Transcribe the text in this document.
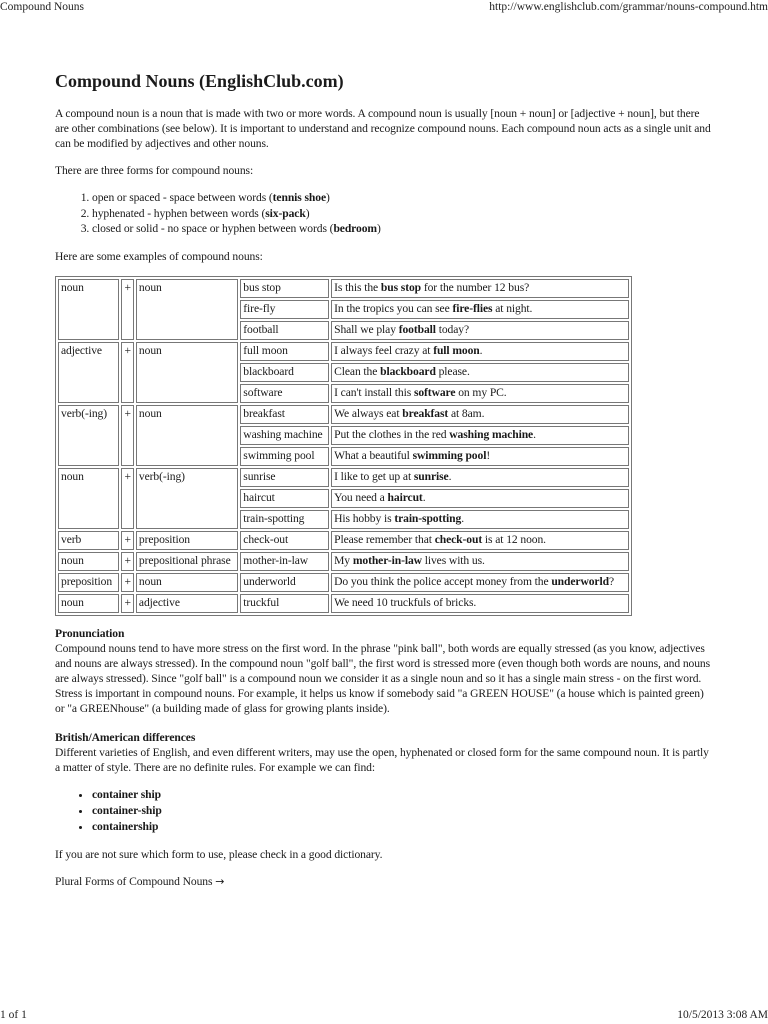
Compound Nouns	http://www.englishclub.com/grammar/nouns-compound.htm
Compound Nouns (EnglishClub.com)

A compound noun is a noun that is made with two or more words. A compound noun is usually [noun + noun] or [adjective + noun], but there are other combinations (see below). It is important to understand and recognize compound nouns. Each compound noun acts as a single unit and can be modified by adjectives and other nouns.

There are three forms for compound nouns:

1. open or spaced - space between words (tennis shoe)
2. hyphenated - hyphen between words (six-pack)
3. closed or solid - no space or hyphen between words (bedroom)

Here are some examples of compound nouns:

noun	+	noun	bus stop	Is this the bus stop for the number 12 bus?
			fire-fly	In the tropics you can see fire-flies at night.
			football	Shall we play football today?
adjective	+	noun	full moon	I always feel crazy at full moon.
			blackboard	Clean the blackboard please.
			software	I can't install this software on my PC.
verb(-ing)	+	noun	breakfast	We always eat breakfast at 8am.
			washing machine	Put the clothes in the red washing machine.
			swimming pool	What a beautiful swimming pool!
noun	+	verb(-ing)	sunrise	I like to get up at sunrise.
			haircut	You need a haircut.
			train-spotting	His hobby is train-spotting.
verb	+	preposition	check-out	Please remember that check-out is at 12 noon.
noun	+	prepositional phrase	mother-in-law	My mother-in-law lives with us.
preposition	+	noun	underworld	Do you think the police accept money from the underworld?
noun	+	adjective	truckful	We need 10 truckfuls of bricks.
Pronunciation
Compound nouns tend to have more stress on the first word. In the phrase "pink ball", both words are equally stressed (as you know, adjectives and nouns are always stressed). In the compound noun "golf ball", the first word is stressed more (even though both words are nouns, and nouns are always stressed). Since "golf ball" is a compound noun we consider it as a single noun and so it has a single main stress - on the first word. Stress is important in compound nouns. For example, it helps us know if somebody said "a GREEN HOUSE" (a house which is painted green) or "a GREENhouse" (a building made of glass for growing plants inside).
British/American differences
Different varieties of English, and even different writers, may use the open, hyphenated or closed form for the same compound noun. It is partly a matter of style. There are no definite rules. For example we can find:
• container ship
• container-ship
• containership

If you are not sure which form to use, please check in a good dictionary.

Plural Forms of Compound Nouns →

1 of 1	10/5/2013 3:08 AM
